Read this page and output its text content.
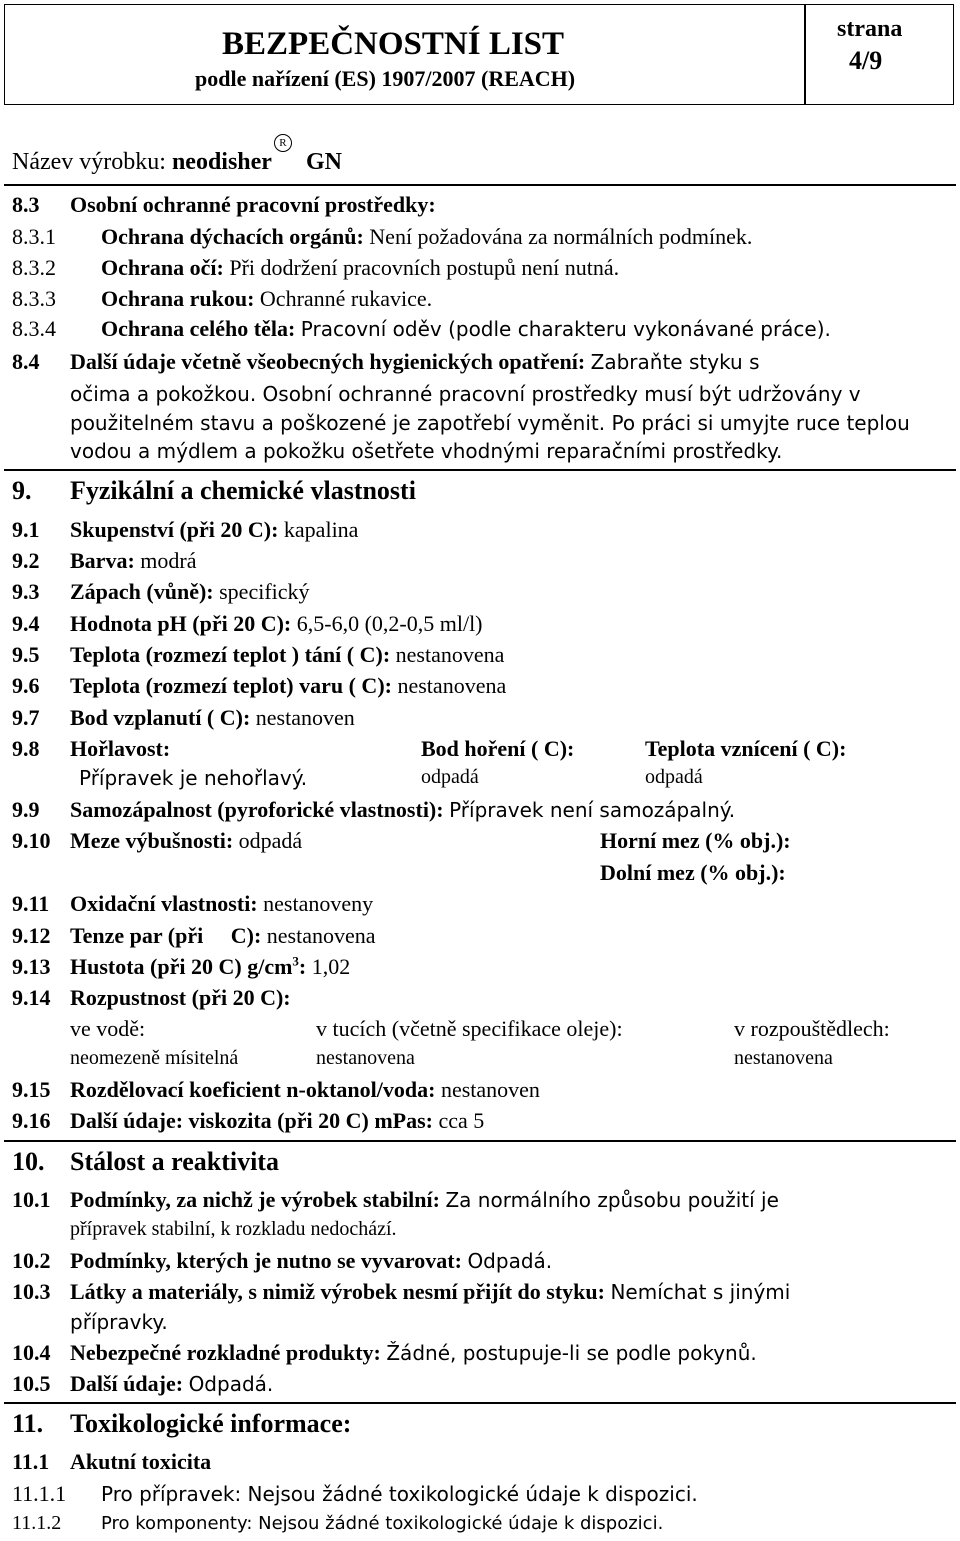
BEZPEČNOSTNÍ LIST
podle nařízení (ES) 1907/2007 (REACH)
strana
4/9
Název výrobku: neodisher$^R$ GN
8.3 Osobní ochranné pracovní prostředky:
8.3.1 Ochrana dýchacích orgánů: Není požadována za normálních podmínek.
8.3.2 Ochrana očí: Při dodržení pracovních postupů není nutná.
8.3.3 Ochrana rukou: Ochranné rukavice.
8.3.4 Ochrana celého těla: Pracovní oděv (podle charakteru vykonávané práce).
8.4 Další údaje včetně všeobecných hygienických opatření: Zabraňte styku s
očima a pokožkou. Osobní ochranné pracovní prostředky musí být udržovány v
použitelném stavu a poškozené je zapotřebí vyměnit. Po práci si umyjte ruce teplou
vodou a mýdlem a pokožku ošetřete vhodnými reparačními prostředky.
9. Fyzikální a chemické vlastnosti
9.1 Skupenství (při 20 C): kapalina
9.2 Barva: modrá
9.3 Zápach (vůně): specifický
9.4 Hodnota pH (při 20 C): 6,5-6,0 (0,2-0,5 ml/l)
9.5 Teplota (rozmezí teplot ) tání ( C): nestanovena
9.6 Teplota (rozmezí teplot) varu ( C): nestanovena
9.7 Bod vzplanutí ( C): nestanoven
9.8 Hořlavost:	Bod hoření ( C):	Teplota vznícení ( C):
Přípravek je nehořlavý.	odpadá	odpadá
9.9 Samozápalnost (pyroforické vlastnosti): Přípravek není samozápalný.
9.10 Meze výbušnosti: odpadá	Horní mez (% obj.):
Dolní mez (% obj.):
9.11 Oxidační vlastnosti: nestanoveny
9.12 Tenze par (při C): nestanovena
9.13 Hustota (při 20 C) $g/cm^3$: 1,02
9.14 Rozpustnost (při 20 C):
ve vodě:	v tucích (včetně specifikace oleje):	v rozpouštědlech:
neomezeně mísitelná	nestanovena	nestanovena
9.15 Rozdělovací koeficient n-oktanol/voda: nestanoven
9.16 Další údaje: viskozita (při 20 C) mPas: cca 5
10. Stálost a reaktivita
10.1 Podmínky, za nichž je výrobek stabilní: Za normálního způsobu použití je
přípravek stabilní, k rozkladu nedochází.
10.2 Podmínky, kterých je nutno se vyvarovat: Odpadá.
10.3 Látky a materiály, s nimiž výrobek nesmí přijít do styku: Nemíchat s jinými
přípravky.
10.4 Nebezpečné rozkladné produkty: Žádné, postupuje-li se podle pokynů.
10.5 Další údaje: Odpadá.
11. Toxikologické informace:
11.1 Akutní toxicita
11.1.1 Pro přípravek: Nejsou žádné toxikologické údaje k dispozici.
11.1.2 Pro komponenty: Nejsou žádné toxikologické údaje k dispozici.
